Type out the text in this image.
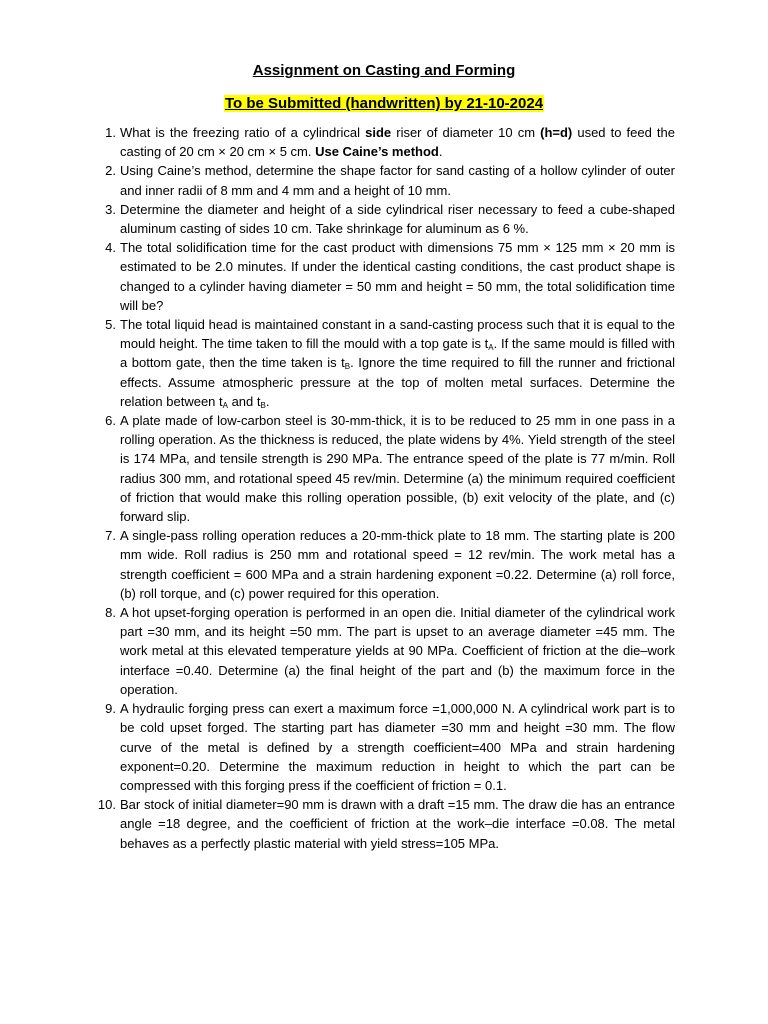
Assignment on Casting and Forming
To be Submitted (handwritten) by 21-10-2024
1. What is the freezing ratio of a cylindrical side riser of diameter 10 cm (h=d) used to feed the casting of 20 cm × 20 cm × 5 cm. Use Caine’s method.
2. Using Caine’s method, determine the shape factor for sand casting of a hollow cylinder of outer and inner radii of 8 mm and 4 mm and a height of 10 mm.
3. Determine the diameter and height of a side cylindrical riser necessary to feed a cube-shaped aluminum casting of sides 10 cm. Take shrinkage for aluminum as 6 %.
4. The total solidification time for the cast product with dimensions 75 mm × 125 mm × 20 mm is estimated to be 2.0 minutes. If under the identical casting conditions, the cast product shape is changed to a cylinder having diameter = 50 mm and height = 50 mm, the total solidification time will be?
5. The total liquid head is maintained constant in a sand-casting process such that it is equal to the mould height. The time taken to fill the mould with a top gate is $t_A$. If the same mould is filled with a bottom gate, then the time taken is $t_B$. Ignore the time required to fill the runner and frictional effects. Assume atmospheric pressure at the top of molten metal surfaces. Determine the relation between $t_A$ and $t_B$.
6. A plate made of low-carbon steel is 30-mm-thick, it is to be reduced to 25 mm in one pass in a rolling operation. As the thickness is reduced, the plate widens by 4%. Yield strength of the steel is 174 MPa, and tensile strength is 290 MPa. The entrance speed of the plate is 77 m/min. Roll radius 300 mm, and rotational speed 45 rev/min. Determine (a) the minimum required coefficient of friction that would make this rolling operation possible, (b) exit velocity of the plate, and (c) forward slip.
7. A single-pass rolling operation reduces a 20-mm-thick plate to 18 mm. The starting plate is 200 mm wide. Roll radius is 250 mm and rotational speed = 12 rev/min. The work metal has a strength coefficient = 600 MPa and a strain hardening exponent =0.22. Determine (a) roll force, (b) roll torque, and (c) power required for this operation.
8. A hot upset-forging operation is performed in an open die. Initial diameter of the cylindrical work part =30 mm, and its height =50 mm. The part is upset to an average diameter =45 mm. The work metal at this elevated temperature yields at 90 MPa. Coefficient of friction at the die–work interface =0.40. Determine (a) the final height of the part and (b) the maximum force in the operation.
9. A hydraulic forging press can exert a maximum force =1,000,000 N. A cylindrical work part is to be cold upset forged. The starting part has diameter =30 mm and height =30 mm. The flow curve of the metal is defined by a strength coefficient=400 MPa and strain hardening exponent=0.20. Determine the maximum reduction in height to which the part can be compressed with this forging press if the coefficient of friction = 0.1.
10. Bar stock of initial diameter=90 mm is drawn with a draft =15 mm. The draw die has an entrance angle =18 degree, and the coefficient of friction at the work–die interface =0.08. The metal behaves as a perfectly plastic material with yield stress=105 MPa.
